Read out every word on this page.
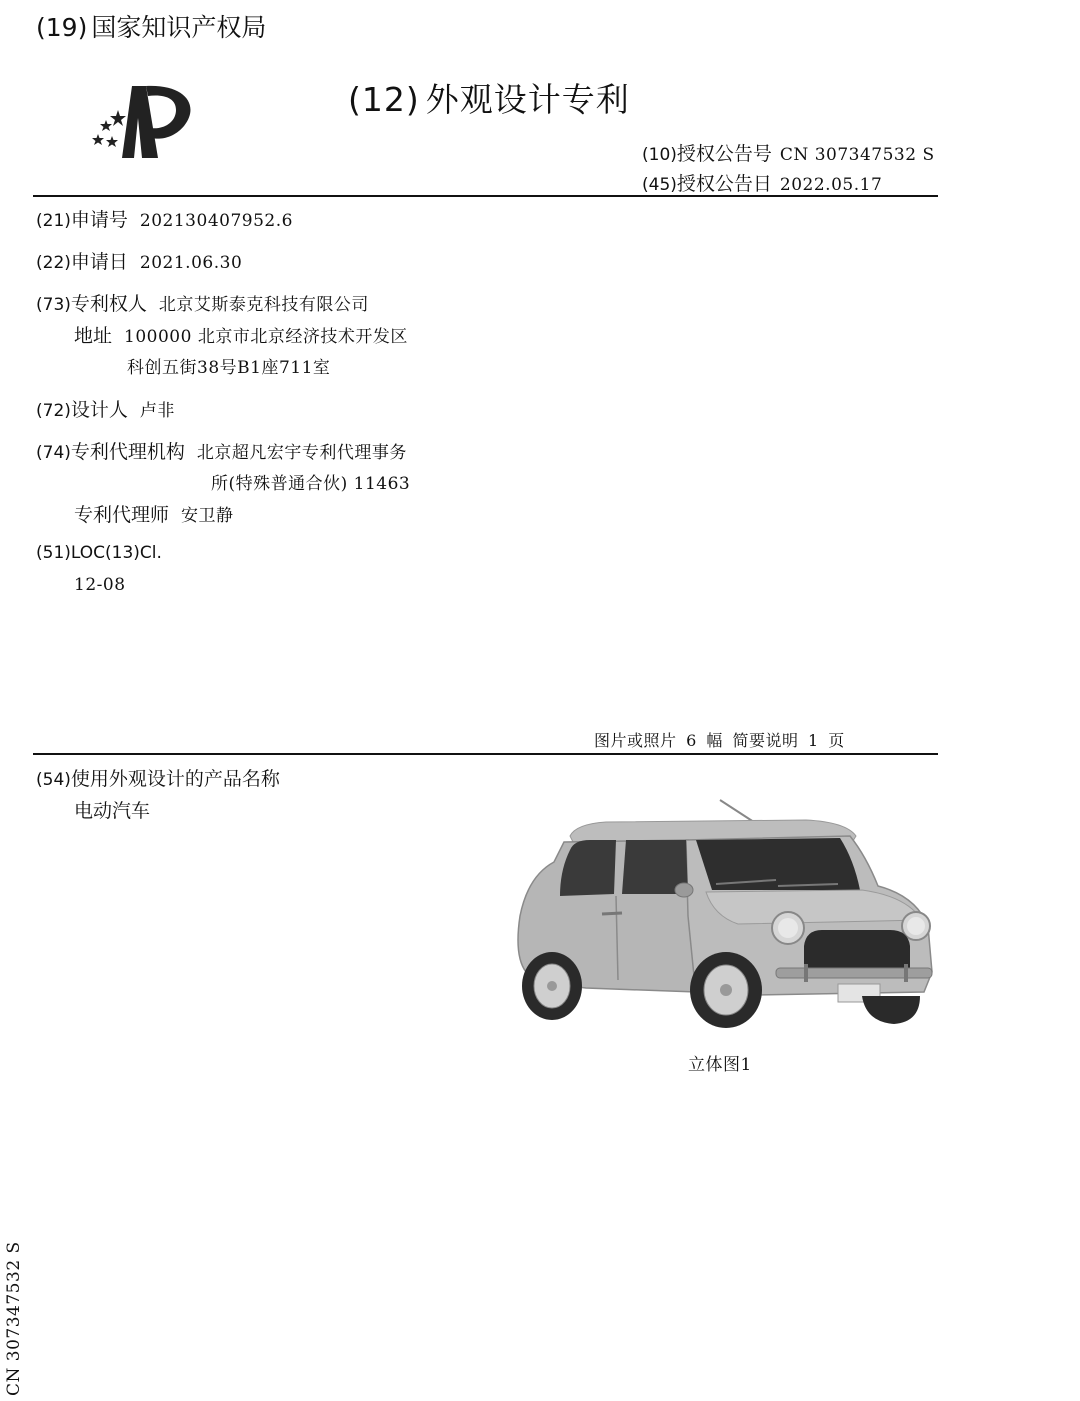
(19) 国家知识产权局
(12) 外观设计专利
(10)授权公告号 CN 307347532 S
(45)授权公告日 2022.05.17
(21)申请号 202130407952.6
(22)申请日 2021.06.30
(73)专利权人 北京艾斯泰克科技有限公司
地址 100000 北京市北京经济技术开发区
科创五街38号B1座711室
(72)设计人 卢非
(74)专利代理机构 北京超凡宏宇专利代理事务
所(特殊普通合伙) 11463
专利代理师 安卫静
(51)LOC(13)Cl.
12-08
图片或照片 6 幅 简要说明 1 页
(54)使用外观设计的产品名称
电动汽车
立体图1
CN 307347532 S
